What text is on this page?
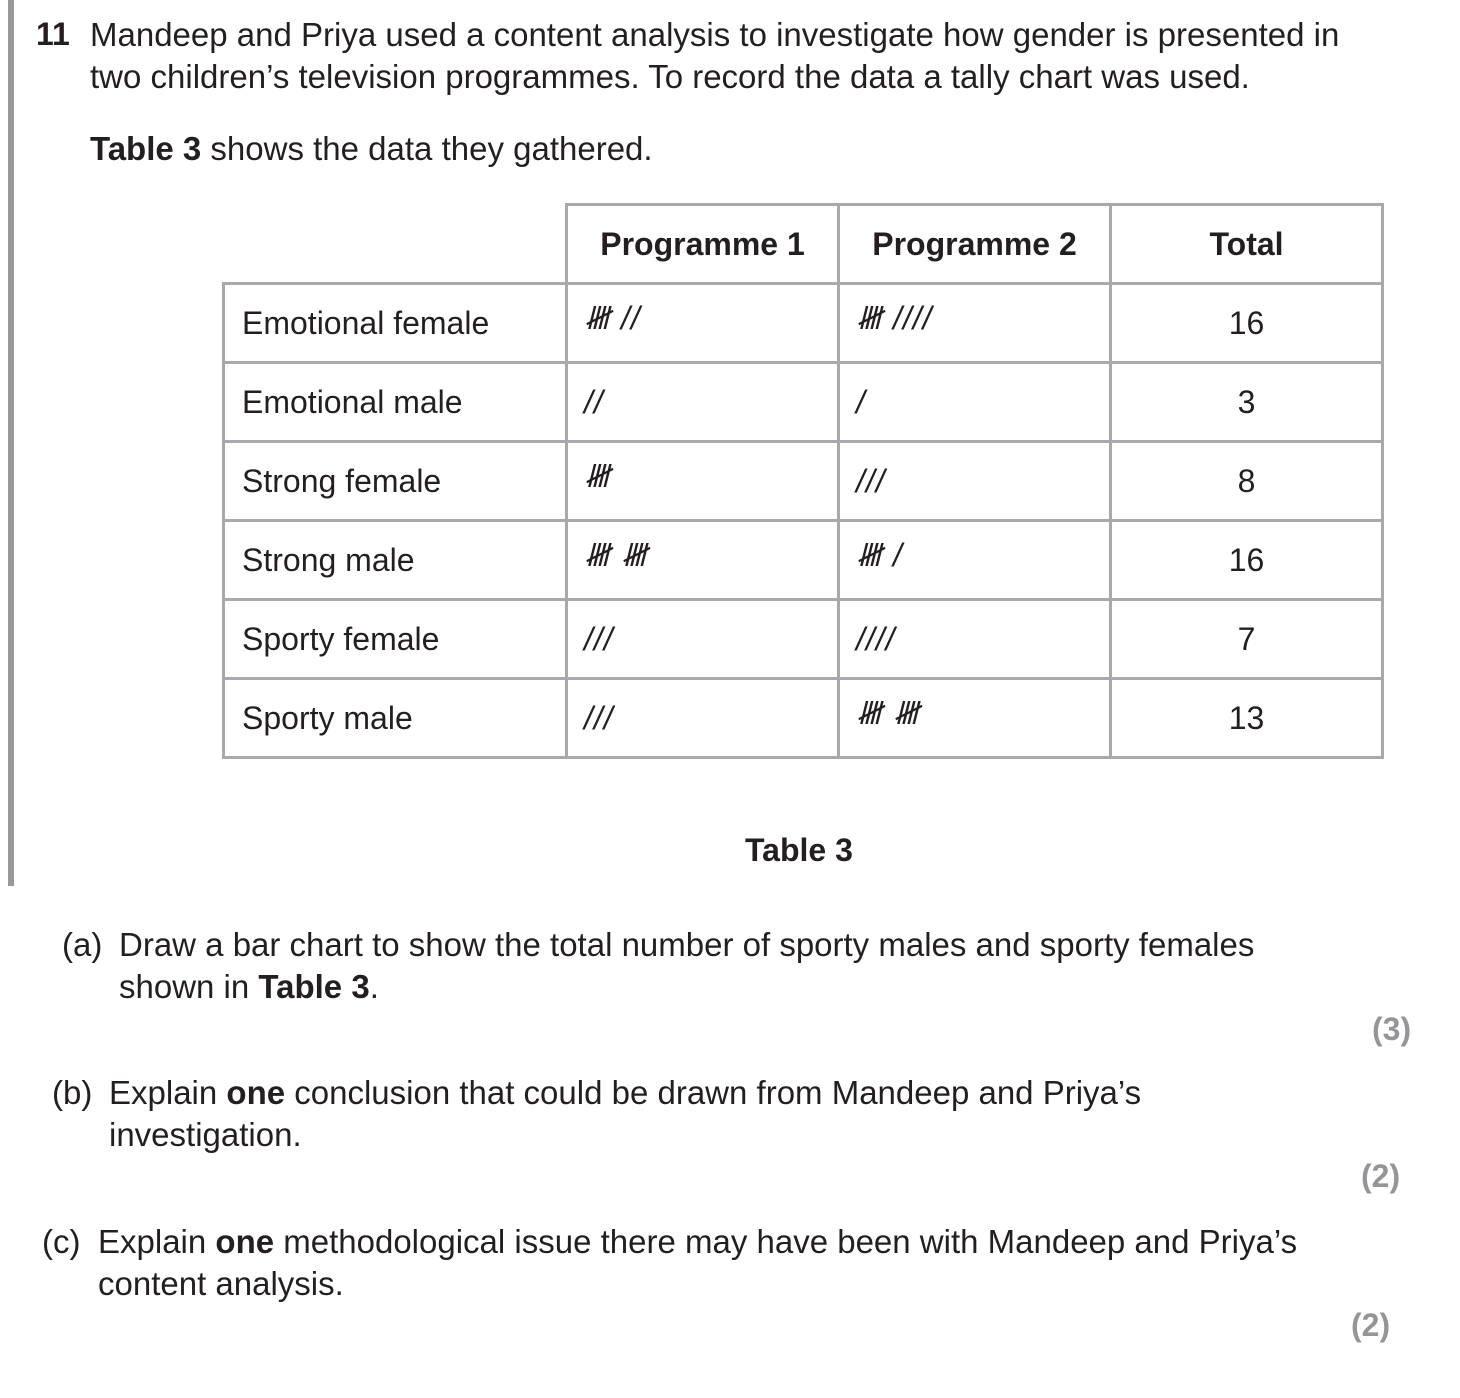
11 Mandeep and Priya used a content analysis to investigate how gender is presented in

two children’s television programmes. To record the data a tally chart was used.

Table 3 shows the data they gathered.
	Programme 1	Programme 2	Total
Emotional female	𝍸 //	𝍸 ////	16
Emotional male	//	/	3
Strong female	𝍸	///	8
Strong male	𝍸 𝍸	𝍸 /	16
Sporty female	///	////	7
Sporty male	///	𝍸 𝍸	13
Table 3
(a) Draw a bar chart to show the total number of sporty males and sporty females

shown in Table 3.

(3)
(b) Explain one conclusion that could be drawn from Mandeep and Priya’s

investigation.

(2)
(c) Explain one methodological issue there may have been with Mandeep and Priya’s

content analysis.

(2)
